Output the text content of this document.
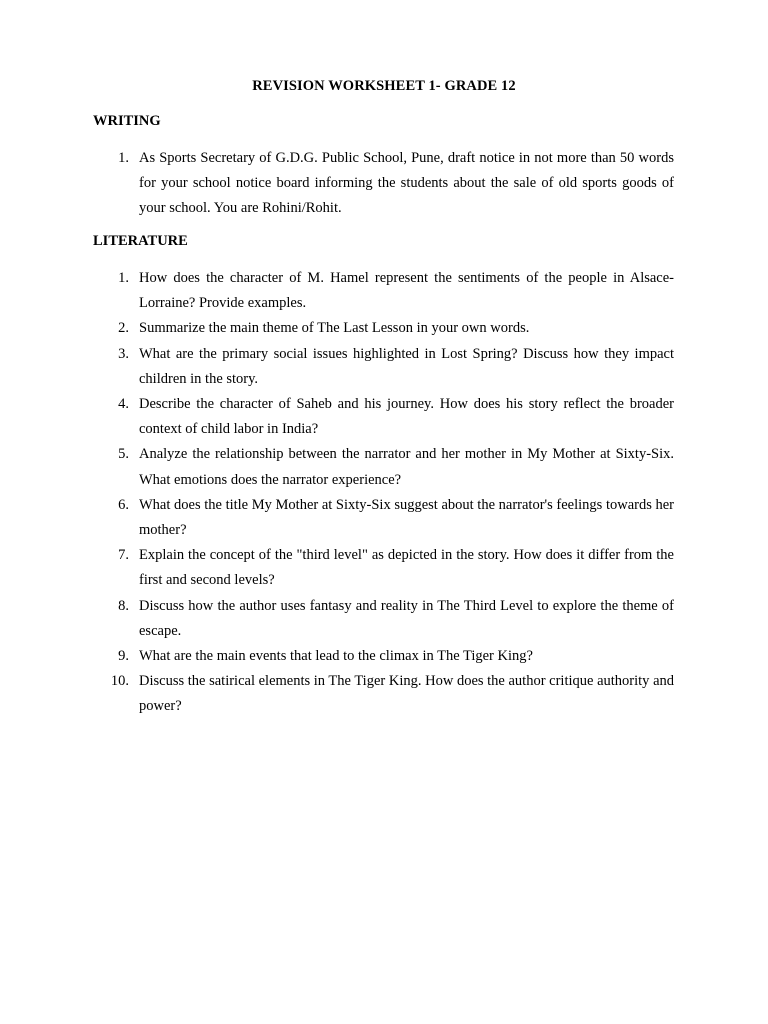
REVISION WORKSHEET 1- GRADE 12
WRITING
1. As Sports Secretary of G.D.G. Public School, Pune, draft notice in not more than 50 words for your school notice board informing the students about the sale of old sports goods of your school. You are Rohini/Rohit.
LITERATURE
1. How does the character of M. Hamel represent the sentiments of the people in Alsace-Lorraine? Provide examples.
2. Summarize the main theme of The Last Lesson in your own words.
3. What are the primary social issues highlighted in Lost Spring? Discuss how they impact children in the story.
4. Describe the character of Saheb and his journey. How does his story reflect the broader context of child labor in India?
5. Analyze the relationship between the narrator and her mother in My Mother at Sixty-Six. What emotions does the narrator experience?
6. What does the title My Mother at Sixty-Six suggest about the narrator's feelings towards her mother?
7. Explain the concept of the "third level" as depicted in the story. How does it differ from the first and second levels?
8. Discuss how the author uses fantasy and reality in The Third Level to explore the theme of escape.
9. What are the main events that lead to the climax in The Tiger King?
10. Discuss the satirical elements in The Tiger King. How does the author critique authority and power?
